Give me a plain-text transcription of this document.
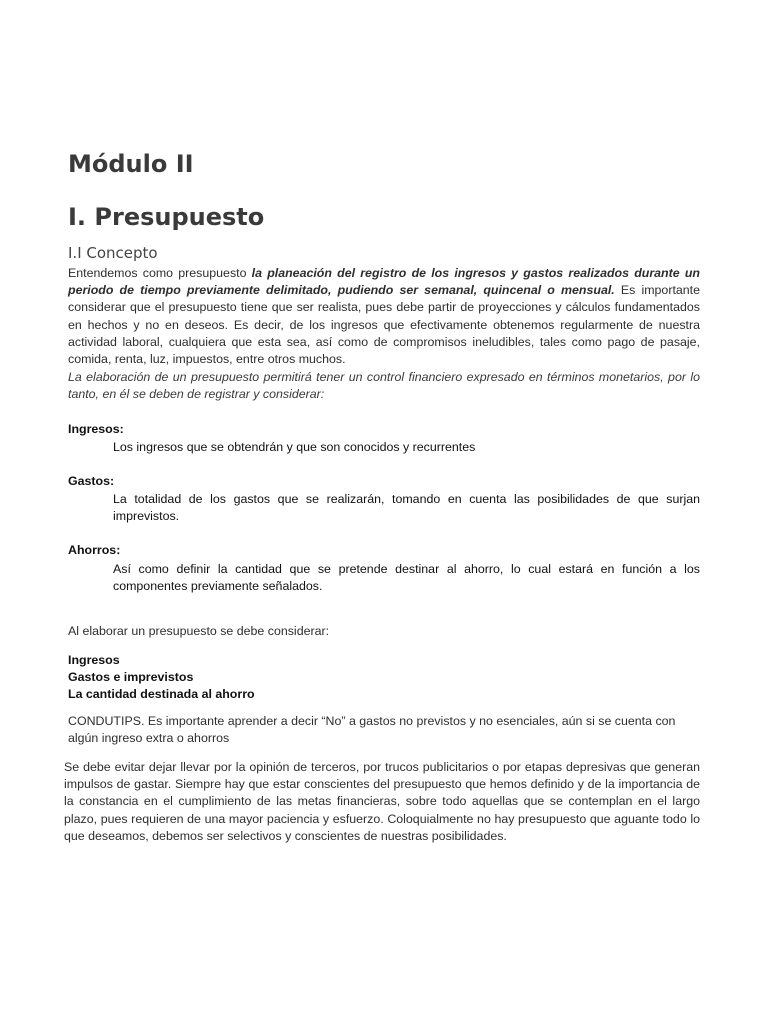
Módulo II
I. Presupuesto
I.I Concepto

Entendemos como presupuesto la planeación del registro de los ingresos y gastos realizados durante un periodo de tiempo previamente delimitado, pudiendo ser semanal, quincenal o mensual. Es importante considerar que el presupuesto tiene que ser realista, pues debe partir de proyecciones y cálculos fundamentados en hechos y no en deseos. Es decir, de los ingresos que efectivamente obtenemos regularmente de nuestra actividad laboral, cualquiera que esta sea, así como de compromisos ineludibles, tales como pago de pasaje, comida, renta, luz, impuestos, entre otros muchos.

La elaboración de un presupuesto permitirá tener un control financiero expresado en términos monetarios, por lo tanto, en él se deben de registrar y considerar:

Ingresos:

Los ingresos que se obtendrán y que son conocidos y recurrentes

Gastos:

La totalidad de los gastos que se realizarán, tomando en cuenta las posibilidades de que surjan imprevistos.

Ahorros:

Así como definir la cantidad que se pretende destinar al ahorro, lo cual estará en función a los componentes previamente señalados.

Al elaborar un presupuesto se debe considerar:

Ingresos
Gastos e imprevistos
La cantidad destinada al ahorro

CONDUTIPS. Es importante aprender a decir “No” a gastos no previstos y no esenciales, aún si se cuenta con algún ingreso extra o ahorros

Se debe evitar dejar llevar por la opinión de terceros, por trucos publicitarios o por etapas depresivas que generan impulsos de gastar. Siempre hay que estar conscientes del presupuesto que hemos definido y de la importancia de la constancia en el cumplimiento de las metas financieras, sobre todo aquellas que se contemplan en el largo plazo, pues requieren de una mayor paciencia y esfuerzo. Coloquialmente no hay presupuesto que aguante todo lo que deseamos, debemos ser selectivos y conscientes de nuestras posibilidades.
